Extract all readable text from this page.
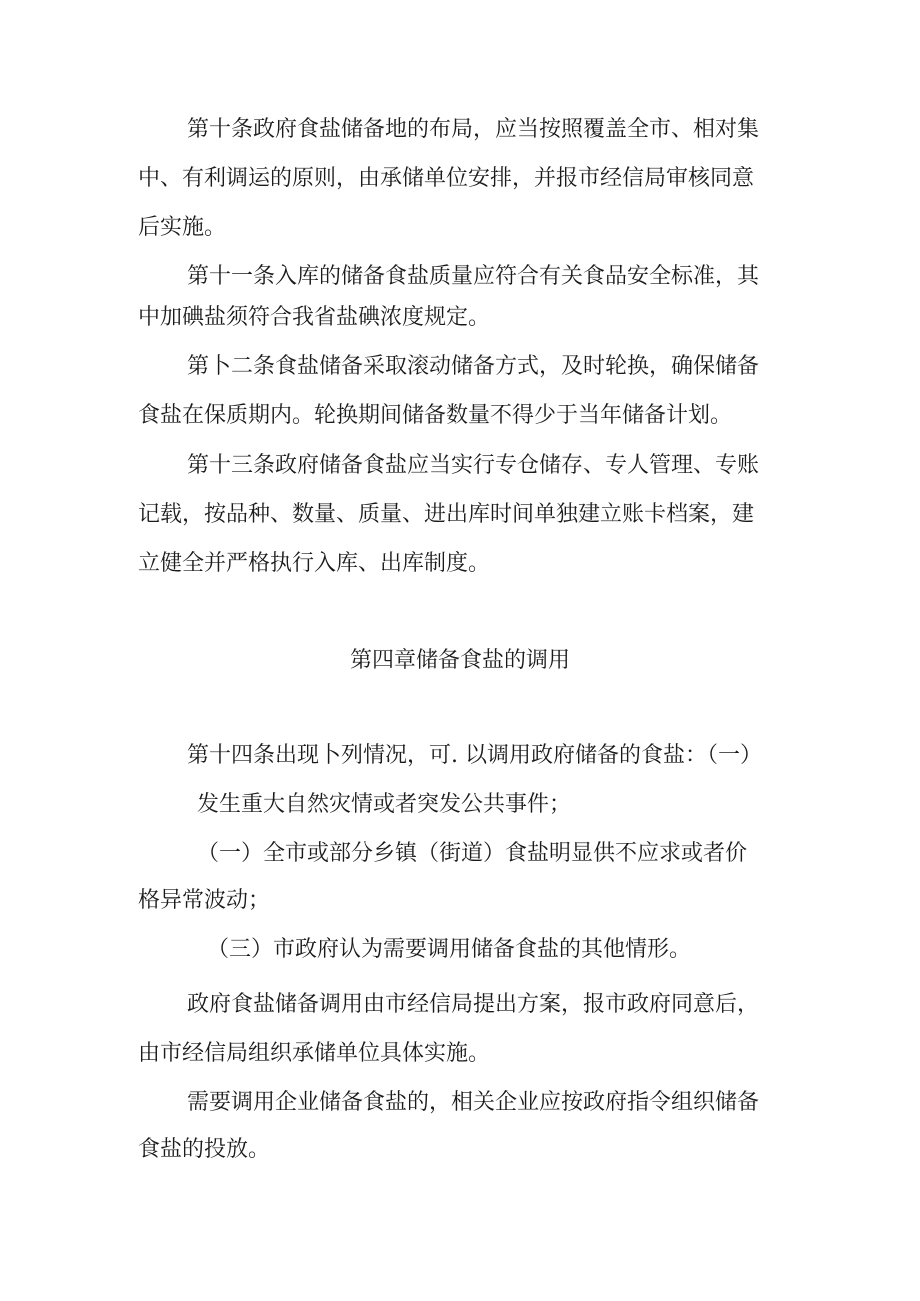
第十条政府食盐储备地的布局，应当按照覆盖全市、相对集

中、有利调运的原则，由承储单位安排，并报市经信局审核同意

后实施。

第十一条入库的储备食盐质量应符合有关食品安全标准，其

中加碘盐须符合我省盐碘浓度规定。

第卜二条食盐储备采取滚动储备方式，及时轮换，确保储备

食盐在保质期内。轮换期间储备数量不得少于当年储备计划。

第十三条政府储备食盐应当实行专仓储存、专人管理、专账

记载，按品种、数量、质量、进出库时间单独建立账卡档案，建

立健全并严格执行入库、出库制度。

第四章储备食盐的调用

第十四条出现卜列情况，可. 以调用政府储备的食盐：（一）

发生重大自然灾情或者突发公共事件；

（一）全市或部分乡镇（街道）食盐明显供不应求或者价

格异常波动；

（三）市政府认为需要调用储备食盐的其他情形。

政府食盐储备调用由市经信局提出方案，报市政府同意后，

由市经信局组织承储单位具体实施。

需要调用企业储备食盐的，相关企业应按政府指令组织储备

食盐的投放。
